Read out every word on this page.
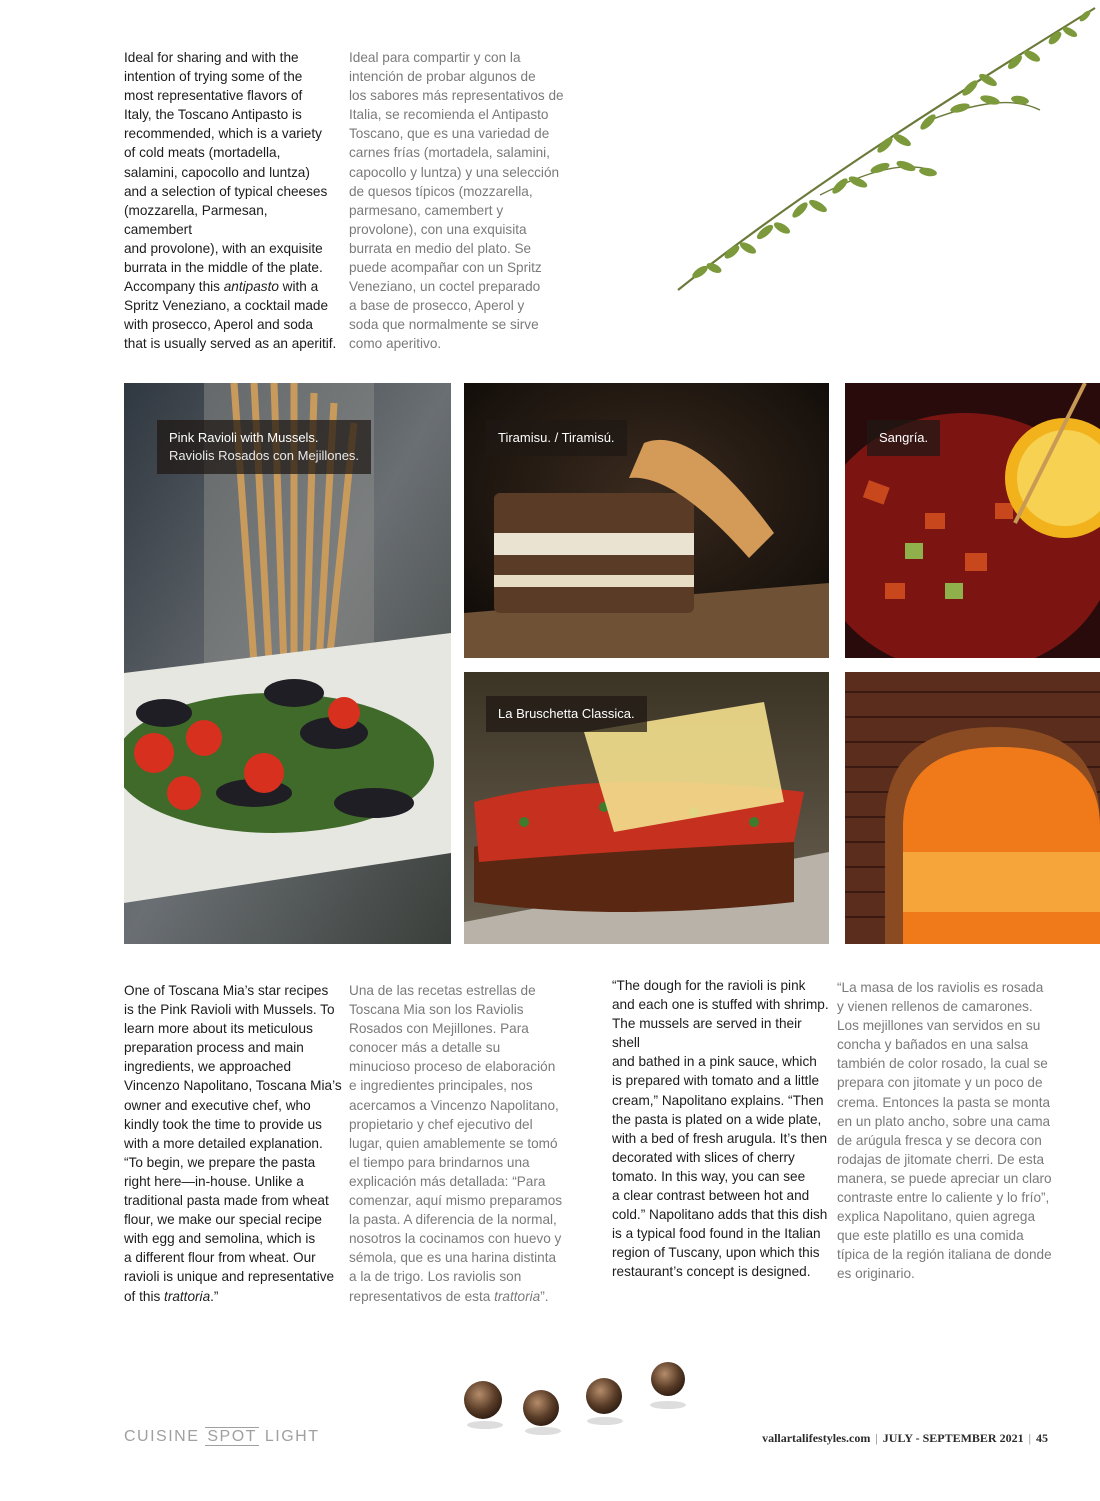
Ideal for sharing and with the
intention of trying some of the
most representative flavors of
Italy, the Toscano Antipasto is
recommended, which is a variety
of cold meats (mortadella,
salamini, capocollo and luntza)
and a selection of typical cheeses
(mozzarella, Parmesan, camembert
and provolone), with an exquisite
burrata in the middle of the plate.
Accompany this antipasto with a
Spritz Veneziano, a cocktail made
with prosecco, Aperol and soda
that is usually served as an aperitif.

Ideal para compartir y con la
intención de probar algunos de
los sabores más representativos de
Italia, se recomienda el Antipasto
Toscano, que es una variedad de
carnes frías (mortadela, salamini,
capocollo y luntza) y una selección
de quesos típicos (mozzarella,
parmesano, camembert y
provolone), con una exquisita
burrata en medio del plato. Se
puede acompañar con un Spritz
Veneziano, un coctel preparado
a base de prosecco, Aperol y
soda que normalmente se sirve
como aperitivo.

Pink Ravioli with Mussels.
Raviolis Rosados con Mejillones.
Tiramisu. / Tiramisú.	Sangría.
La Bruschetta Classica.

One of Toscana Mia’s star recipes
is the Pink Ravioli with Mussels. To
learn more about its meticulous
preparation process and main
ingredients, we approached
Vincenzo Napolitano, Toscana Mia’s
owner and executive chef, who
kindly took the time to provide us
with a more detailed explanation.
“To begin, we prepare the pasta
right here—in-house. Unlike a
traditional pasta made from wheat
flour, we make our special recipe
with egg and semolina, which is
a different flour from wheat. Our
ravioli is unique and representative
of this trattoria.”

Una de las recetas estrellas de
Toscana Mia son los Raviolis
Rosados con Mejillones. Para
conocer más a detalle su
minucioso proceso de elaboración
e ingredientes principales, nos
acercamos a Vincenzo Napolitano,
propietario y chef ejecutivo del
lugar, quien amablemente se tomó
el tiempo para brindarnos una
explicación más detallada: “Para
comenzar, aquí mismo preparamos
la pasta. A diferencia de la normal,
nosotros la cocinamos con huevo y
sémola, que es una harina distinta
a la de trigo. Los raviolis son
representativos de esta trattoria”.

“The dough for the ravioli is pink
and each one is stuffed with shrimp.
The mussels are served in their shell
and bathed in a pink sauce, which
is prepared with tomato and a little
cream,” Napolitano explains. “Then
the pasta is plated on a wide plate,
with a bed of fresh arugula. It’s then
decorated with slices of cherry
tomato. In this way, you can see
a clear contrast between hot and
cold.” Napolitano adds that this dish
is a typical food found in the Italian
region of Tuscany, upon which this
restaurant’s concept is designed.

“La masa de los raviolis es rosada
y vienen rellenos de camarones.
Los mejillones van servidos en su
concha y bañados en una salsa
también de color rosado, la cual se
prepara con jitomate y un poco de
crema. Entonces la pasta se monta
en un plato ancho, sobre una cama
de arúgula fresca y se decora con
rodajas de jitomate cherri. De esta
manera, se puede apreciar un claro
contraste entre lo caliente y lo frío”,
explica Napolitano, quien agrega
que este platillo es una comida
típica de la región italiana de donde
es originario.

CUISINE SPOT LIGHT	vallartalifestyles.com | JULY - SEPTEMBER 2021 | 45
